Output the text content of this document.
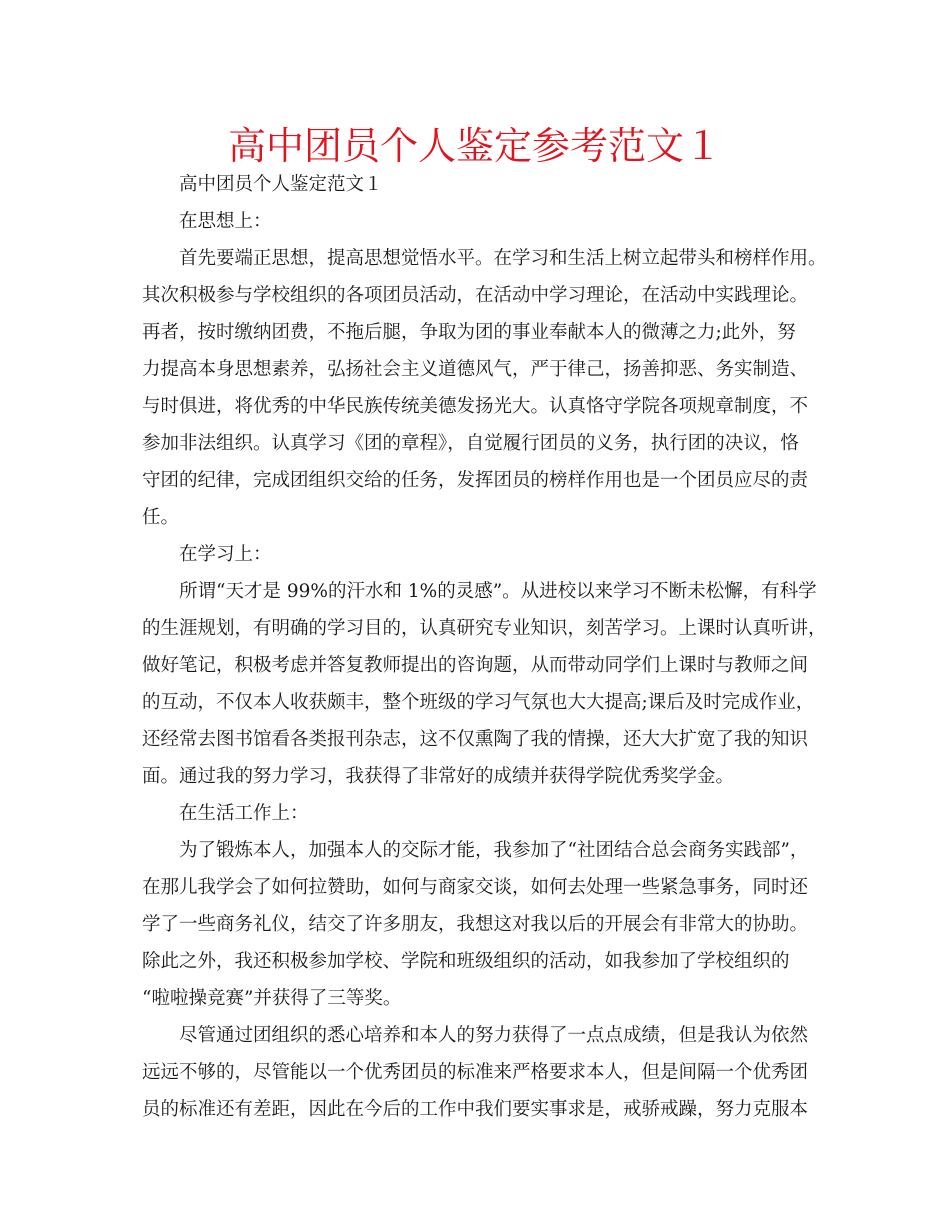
高中团员个人鉴定参考范文１
高中团员个人鉴定范文１
在思想上：
首先要端正思想，提高思想觉悟水平。在学习和生活上树立起带头和榜样作用。
其次积极参与学校组织的各项团员活动，在活动中学习理论，在活动中实践理论。
再者，按时缴纳团费，不拖后腿，争取为团的事业奉献本人的微薄之力;此外，努
力提高本身思想素养，弘扬社会主义道德风气，严于律己，扬善抑恶、务实制造、
与时俱进，将优秀的中华民族传统美德发扬光大。认真恪守学院各项规章制度，不
参加非法组织。认真学习《团的章程》，自觉履行团员的义务，执行团的决议，恪
守团的纪律，完成团组织交给的任务，发挥团员的榜样作用也是一个团员应尽的责
任。
在学习上：
所谓“天才是 99%的汗水和 1%的灵感”。从进校以来学习不断未松懈，有科学
的生涯规划，有明确的学习目的，认真研究专业知识，刻苦学习。上课时认真听讲，
做好笔记，积极考虑并答复教师提出的咨询题，从而带动同学们上课时与教师之间
的互动，不仅本人收获颇丰，整个班级的学习气氛也大大提高;课后及时完成作业，
还经常去图书馆看各类报刊杂志，这不仅熏陶了我的情操，还大大扩宽了我的知识
面。通过我的努力学习，我获得了非常好的成绩并获得学院优秀奖学金。
在生活工作上：
为了锻炼本人，加强本人的交际才能，我参加了“社团结合总会商务实践部”，
在那儿我学会了如何拉赞助，如何与商家交谈，如何去处理一些紧急事务，同时还
学了一些商务礼仪，结交了许多朋友，我想这对我以后的开展会有非常大的协助。
除此之外，我还积极参加学校、学院和班级组织的活动，如我参加了学校组织的
“啦啦操竞赛”并获得了三等奖。
尽管通过团组织的悉心培养和本人的努力获得了一点点成绩，但是我认为依然
远远不够的，尽管能以一个优秀团员的标准来严格要求本人，但是间隔一个优秀团
员的标准还有差距，因此在今后的工作中我们要实事求是，戒骄戒躁，努力克服本
